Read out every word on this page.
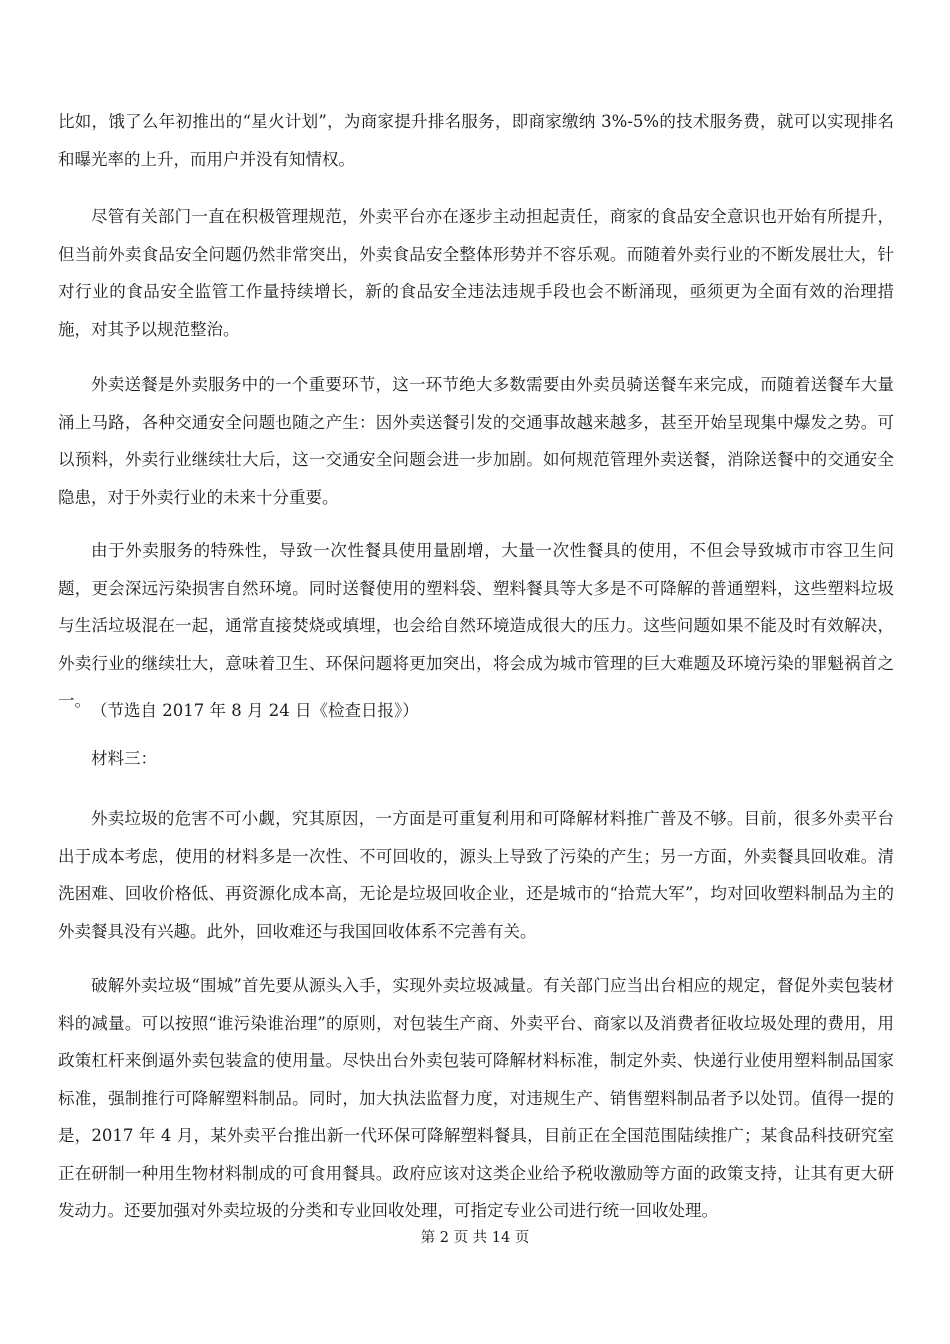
比如，饿了么年初推出的“星火计划”，为商家提升排名服务，即商家缴纳 3%-5%的技术服务费，就可以实现排名和曝光率的上升，而用户并没有知情权。

尽管有关部门一直在积极管理规范，外卖平台亦在逐步主动担起责任，商家的食品安全意识也开始有所提升，但当前外卖食品安全问题仍然非常突出，外卖食品安全整体形势并不容乐观。而随着外卖行业的不断发展壮大，针对行业的食品安全监管工作量持续增长，新的食品安全违法违规手段也会不断涌现，亟须更为全面有效的治理措施，对其予以规范整治。

外卖送餐是外卖服务中的一个重要环节，这一环节绝大多数需要由外卖员骑送餐车来完成，而随着送餐车大量涌上马路，各种交通安全问题也随之产生：因外卖送餐引发的交通事故越来越多，甚至开始呈现集中爆发之势。可以预料，外卖行业继续壮大后，这一交通安全问题会进一步加剧。如何规范管理外卖送餐，消除送餐中的交通安全隐患，对于外卖行业的未来十分重要。

由于外卖服务的特殊性，导致一次性餐具使用量剧增，大量一次性餐具的使用，不但会导致城市市容卫生问题，更会深远污染损害自然环境。同时送餐使用的塑料袋、塑料餐具等大多是不可降解的普通塑料，这些塑料垃圾与生活垃圾混在一起，通常直接焚烧或填埋，也会给自然环境造成很大的压力。这些问题如果不能及时有效解决，外卖行业的继续壮大，意味着卫生、环保问题将更加突出，将会成为城市管理的巨大难题及环境污染的罪魁祸首之一。

（节选自 2017 年 8 月 24 日《检查日报》）

材料三：

外卖垃圾的危害不可小觑，究其原因，一方面是可重复利用和可降解材料推广普及不够。目前，很多外卖平台出于成本考虑，使用的材料多是一次性、不可回收的，源头上导致了污染的产生；另一方面，外卖餐具回收难。清洗困难、回收价格低、再资源化成本高，无论是垃圾回收企业，还是城市的“拾荒大军”，均对回收塑料制品为主的外卖餐具没有兴趣。此外，回收难还与我国回收体系不完善有关。

破解外卖垃圾“围城”首先要从源头入手，实现外卖垃圾减量。有关部门应当出台相应的规定，督促外卖包装材料的减量。可以按照“谁污染谁治理”的原则，对包装生产商、外卖平台、商家以及消费者征收垃圾处理的费用，用政策杠杆来倒逼外卖包装盒的使用量。尽快出台外卖包装可降解材料标准，制定外卖、快递行业使用塑料制品国家标准，强制推行可降解塑料制品。同时，加大执法监督力度，对违规生产、销售塑料制品者予以处罚。值得一提的是，2017 年 4 月，某外卖平台推出新一代环保可降解塑料餐具，目前正在全国范围陆续推广；某食品科技研究室正在研制一种用生物材料制成的可食用餐具。政府应该对这类企业给予税收激励等方面的政策支持，让其有更大研发动力。还要加强对外卖垃圾的分类和专业回收处理，可指定专业公司进行统一回收处理。

第 2 页 共 14 页
